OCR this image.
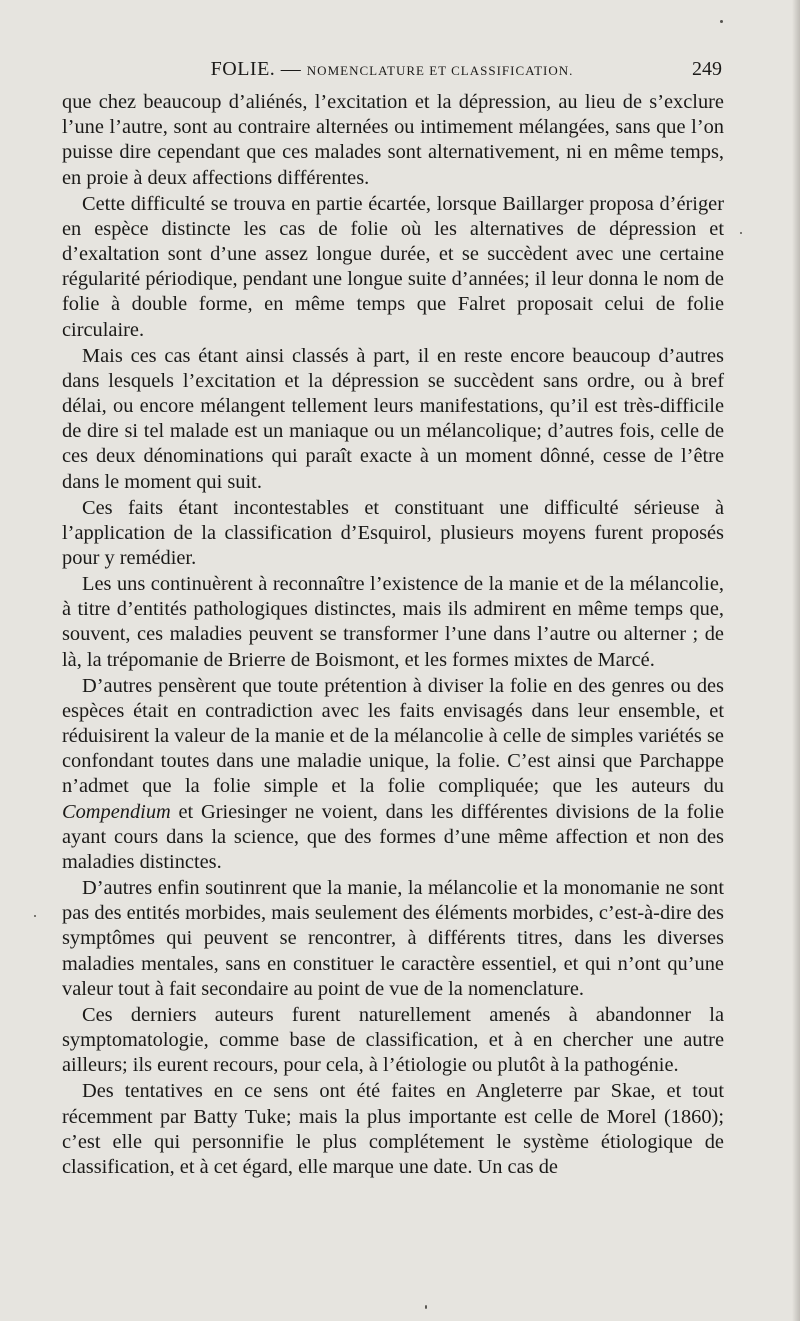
FOLIE. — NOMENCLATURE ET CLASSIFICATION.	249

que chez beaucoup d’aliénés, l’excitation et la dépression, au lieu de s’exclure l’une l’autre, sont au contraire alternées ou intimement mélangées, sans que l’on puisse dire cependant que ces malades sont alternativement, ni en même temps, en proie à deux affections différentes.

Cette difficulté se trouva en partie écartée, lorsque Baillarger proposa d’ériger en espèce distincte les cas de folie où les alternatives de dépression et d’exaltation sont d’une assez longue durée, et se succèdent avec une certaine régularité périodique, pendant une longue suite d’années; il leur donna le nom de folie à double forme, en même temps que Falret proposait celui de folie circulaire.

Mais ces cas étant ainsi classés à part, il en reste encore beaucoup d’autres dans lesquels l’excitation et la dépression se succèdent sans ordre, ou à bref délai, ou encore mélangent tellement leurs manifestations, qu’il est très-difficile de dire si tel malade est un maniaque ou un mélancolique; d’autres fois, celle de ces deux dénominations qui paraît exacte à un moment dônné, cesse de l’être dans le moment qui suit.

Ces faits étant incontestables et constituant une difficulté sérieuse à l’application de la classification d’Esquirol, plusieurs moyens furent proposés pour y remédier.

Les uns continuèrent à reconnaître l’existence de la manie et de la mélancolie, à titre d’entités pathologiques distinctes, mais ils admirent en même temps que, souvent, ces maladies peuvent se transformer l’une dans l’autre ou alterner ; de là, la trépomanie de Brierre de Boismont, et les formes mixtes de Marcé.

D’autres pensèrent que toute prétention à diviser la folie en des genres ou des espèces était en contradiction avec les faits envisagés dans leur ensemble, et réduisirent la valeur de la manie et de la mélancolie à celle de simples variétés se confondant toutes dans une maladie unique, la folie. C’est ainsi que Parchappe n’admet que la folie simple et la folie compliquée; que les auteurs du Compendium et Griesinger ne voient, dans les différentes divisions de la folie ayant cours dans la science, que des formes d’une même affection et non des maladies distinctes.

D’autres enfin soutinrent que la manie, la mélancolie et la monomanie ne sont pas des entités morbides, mais seulement des éléments morbides, c’est-à-dire des symptômes qui peuvent se rencontrer, à différents titres, dans les diverses maladies mentales, sans en constituer le caractère essentiel, et qui n’ont qu’une valeur tout à fait secondaire au point de vue de la nomenclature.

Ces derniers auteurs furent naturellement amenés à abandonner la symptomatologie, comme base de classification, et à en chercher une autre ailleurs; ils eurent recours, pour cela, à l’étiologie ou plutôt à la pathogénie.

Des tentatives en ce sens ont été faites en Angleterre par Skae, et tout récemment par Batty Tuke; mais la plus importante est celle de Morel (1860); c’est elle qui personnifie le plus complétement le système étiologique de classification, et à cet égard, elle marque une date. Un cas de
